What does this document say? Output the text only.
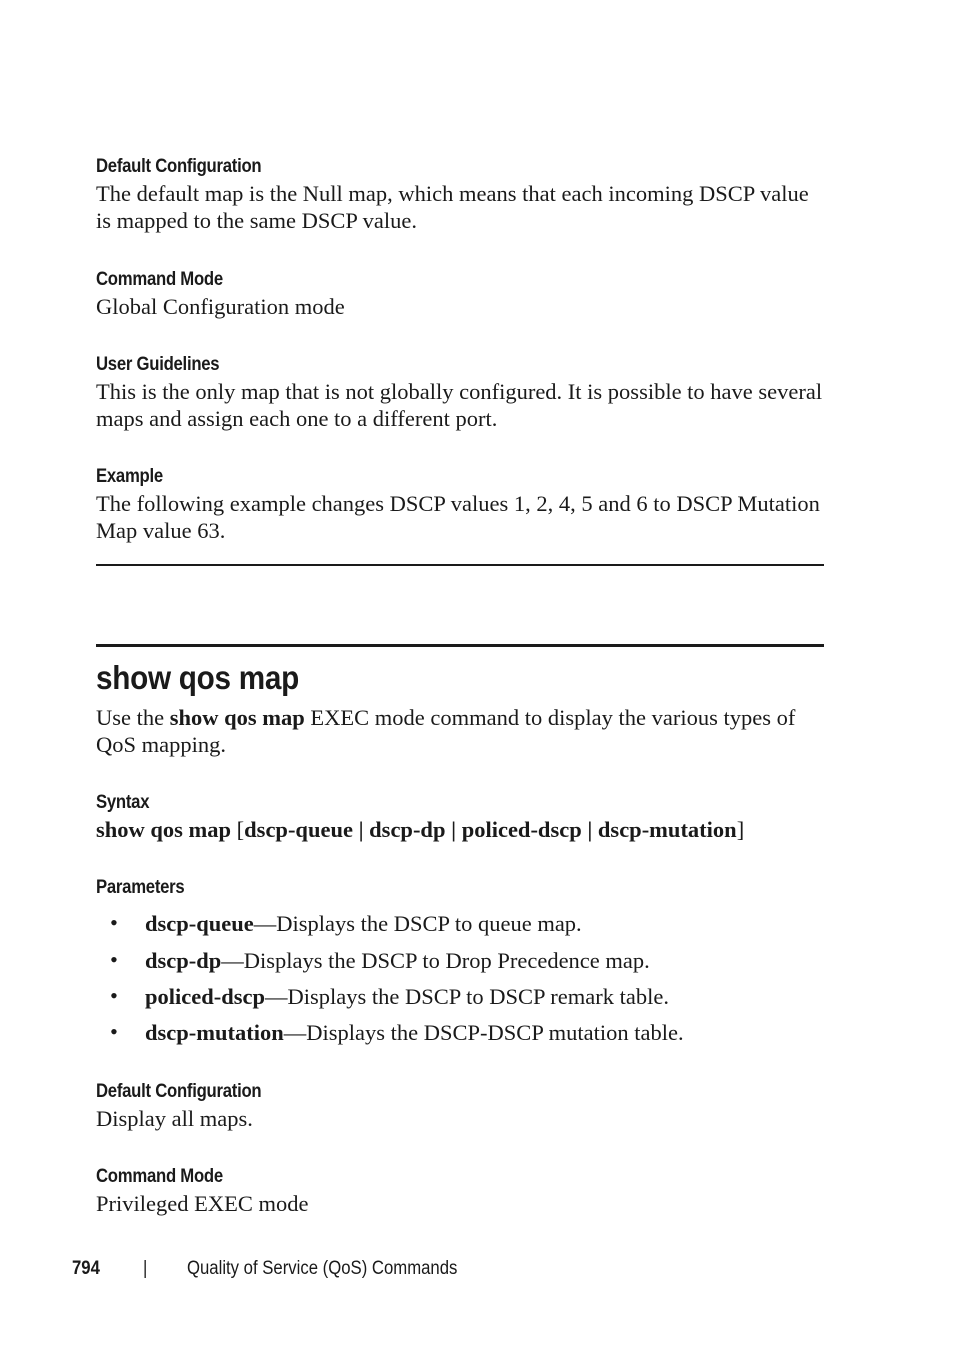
Default Configuration

The default map is the Null map, which means that each incoming DSCP value is mapped to the same DSCP value.

Command Mode

Global Configuration mode

User Guidelines

This is the only map that is not globally configured. It is possible to have several maps and assign each one to a different port.

Example

The following example changes DSCP values 1, 2, 4, 5 and 6 to DSCP Mutation Map value 63.

show qos map

Use the show qos map EXEC mode command to display the various types of QoS mapping.

Syntax

show qos map [dscp-queue | dscp-dp | policed-dscp | dscp-mutation]

Parameters
• dscp-queue—Displays the DSCP to queue map.

• dscp-dp—Displays the DSCP to Drop Precedence map.

• policed-dscp—Displays the DSCP to DSCP remark table.

• dscp-mutation—Displays the DSCP-DSCP mutation table.

Default Configuration

Display all maps.

Command Mode

Privileged EXEC mode

794 | Quality of Service (QoS) Commands
